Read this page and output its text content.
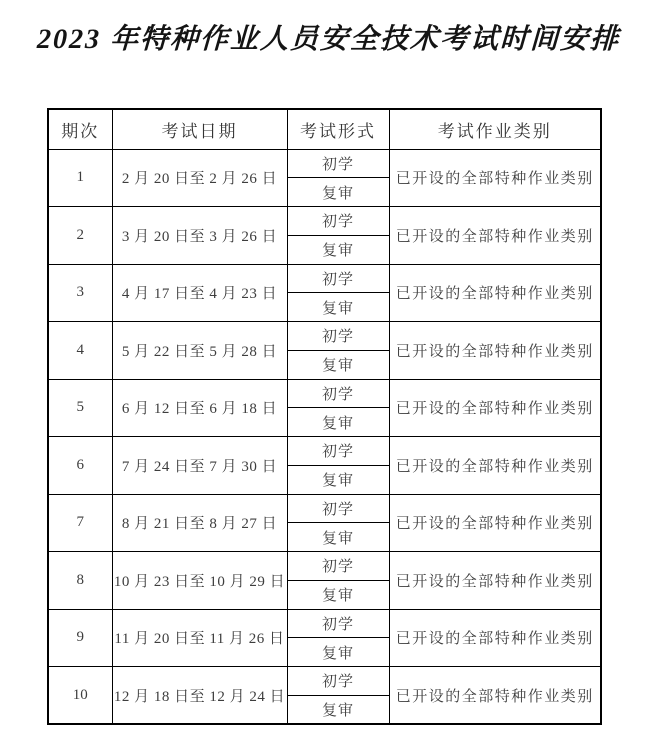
2023 年特种作业人员安全技术考试时间安排
期次	考试日期	考试形式	考试作业类别
1	2 月 20 日至 2 月 26 日	初学	已开设的全部特种作业类别
		复审	
2	3 月 20 日至 3 月 26 日	初学	已开设的全部特种作业类别
		复审	
3	4 月 17 日至 4 月 23 日	初学	已开设的全部特种作业类别
		复审	
4	5 月 22 日至 5 月 28 日	初学	已开设的全部特种作业类别
		复审	
5	6 月 12 日至 6 月 18 日	初学	已开设的全部特种作业类别
		复审	
6	7 月 24 日至 7 月 30 日	初学	已开设的全部特种作业类别
		复审	
7	8 月 21 日至 8 月 27 日	初学	已开设的全部特种作业类别
		复审	
8	10 月 23 日至 10 月 29 日	初学	已开设的全部特种作业类别
		复审	
9	11 月 20 日至 11 月 26 日	初学	已开设的全部特种作业类别
		复审	
10	12 月 18 日至 12 月 24 日	初学	已开设的全部特种作业类别
		复审	
